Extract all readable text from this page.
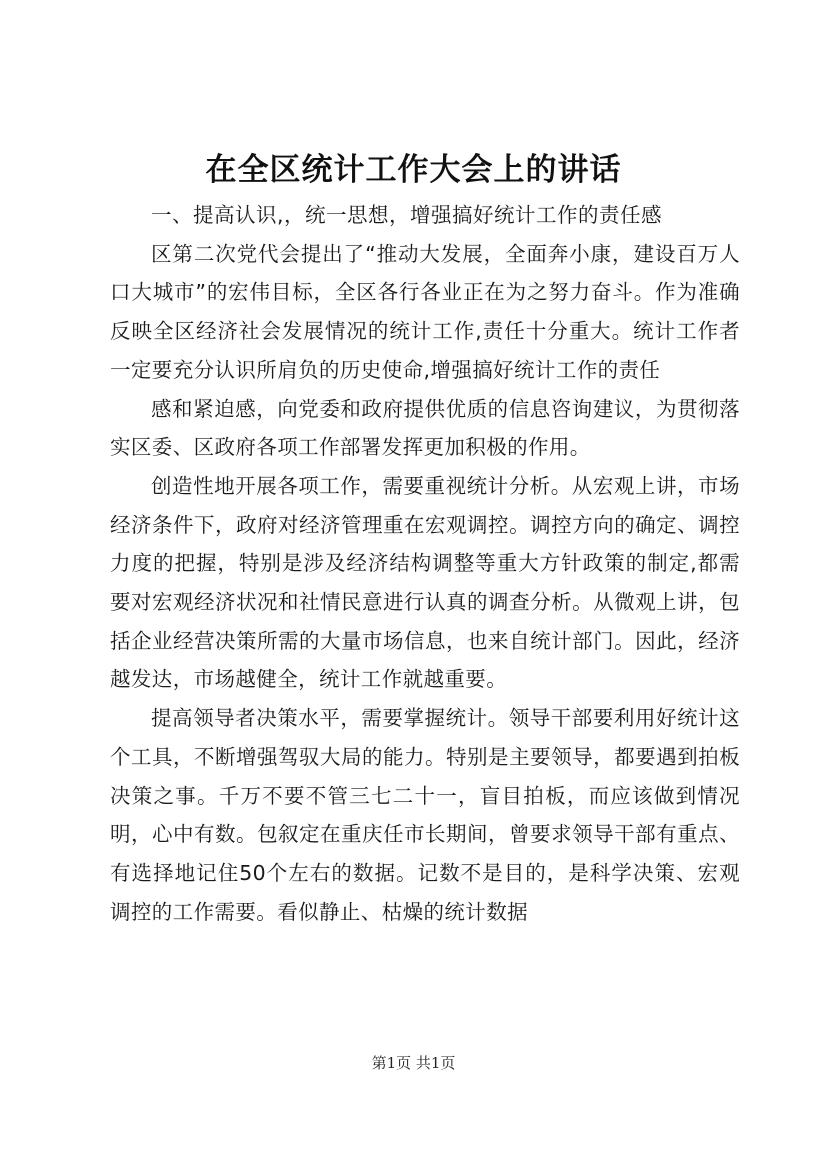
在全区统计工作大会上的讲话
一、提高认识,，统一思想，增强搞好统计工作的责任感
区第二次党代会提出了“推动大发展，全面奔小康，建设百万人口大城市”的宏伟目标，全区各行各业正在为之努力奋斗。作为准确反映全区经济社会发展情况的统计工作,责任十分重大。统计工作者一定要充分认识所肩负的历史使命,增强搞好统计工作的责任
感和紧迫感，向党委和政府提供优质的信息咨询建议，为贯彻落实区委、区政府各项工作部署发挥更加积极的作用。
创造性地开展各项工作，需要重视统计分析。从宏观上讲，市场经济条件下，政府对经济管理重在宏观调控。调控方向的确定、调控力度的把握，特别是涉及经济结构调整等重大方针政策的制定,都需要对宏观经济状况和社情民意进行认真的调查分析。从微观上讲，包括企业经营决策所需的大量市场信息，也来自统计部门。因此，经济越发达，市场越健全，统计工作就越重要。
提高领导者决策水平，需要掌握统计。领导干部要利用好统计这个工具，不断增强驾驭大局的能力。特别是主要领导，都要遇到拍板决策之事。千万不要不管三七二十一，盲目拍板，而应该做到情况明，心中有数。包叙定在重庆任市长期间，曾要求领导干部有重点、有选择地记住50个左右的数据。记数不是目的，是科学决策、宏观调控的工作需要。看似静止、枯燥的统计数据
第1页 共1页
